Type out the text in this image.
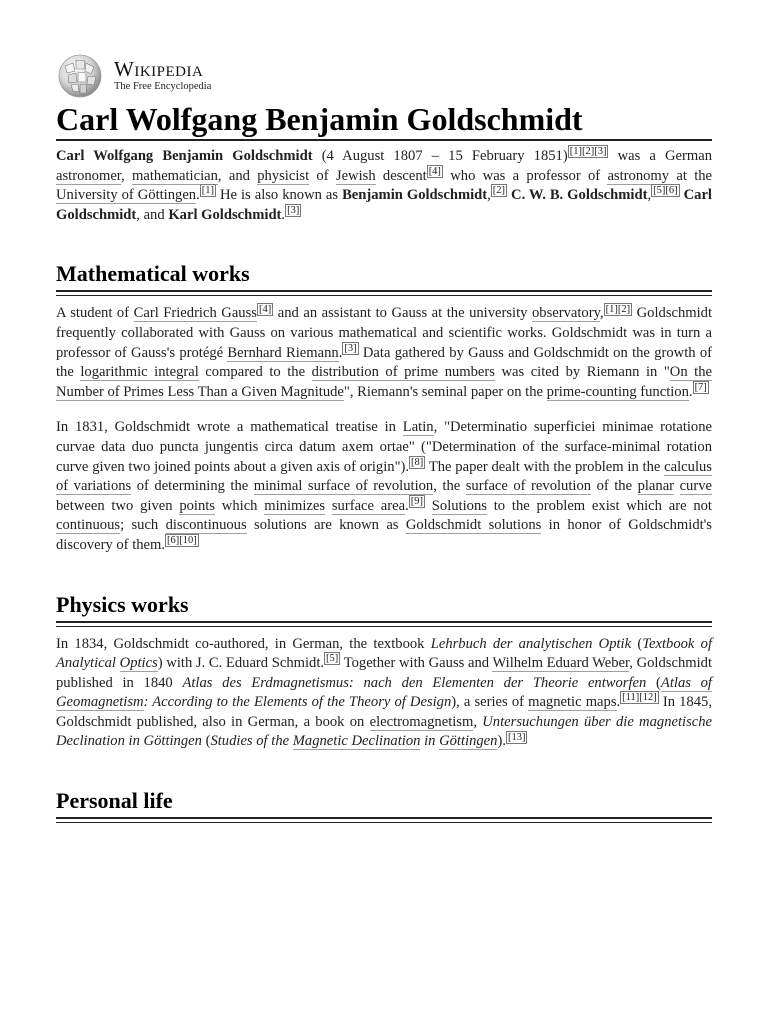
Wikipedia
The Free Encyclopedia
Carl Wolfgang Benjamin Goldschmidt

Carl Wolfgang Benjamin Goldschmidt (4 August 1807 – 15 February 1851) [1][2][3] was a German astronomer, mathematician, and physicist of Jewish descent [4] who was a professor of astronomy at the University of Göttingen. [1] He is also known as Benjamin Goldschmidt, [2] C. W. B. Goldschmidt, [5][6] Carl Goldschmidt, and Karl Goldschmidt. [3]

Mathematical works

A student of Carl Friedrich Gauss [4] and an assistant to Gauss at the university observatory, [1][2] Goldschmidt frequently collaborated with Gauss on various mathematical and scientific works. Goldschmidt was in turn a professor of Gauss's protégé Bernhard Riemann. [3] Data gathered by Gauss and Goldschmidt on the growth of the logarithmic integral compared to the distribution of prime numbers was cited by Riemann in "On the Number of Primes Less Than a Given Magnitude", Riemann's seminal paper on the prime-counting function. [7]

In 1831, Goldschmidt wrote a mathematical treatise in Latin, "Determinatio superficiei minimae rotatione curvae data duo puncta jungentis circa datum axem ortae" ("Determination of the surface-minimal rotation curve given two joined points about a given axis of origin"). [8] The paper dealt with the problem in the calculus of variations of determining the minimal surface of revolution, the surface of revolution of the planar curve between two given points which minimizes surface area. [9] Solutions to the problem exist which are not continuous; such discontinuous solutions are known as Goldschmidt solutions in honor of Goldschmidt's discovery of them. [6][10]

Physics works

In 1834, Goldschmidt co-authored, in German, the textbook Lehrbuch der analytischen Optik (Textbook of Analytical Optics) with J. C. Eduard Schmidt. [5] Together with Gauss and Wilhelm Eduard Weber, Goldschmidt published in 1840 Atlas des Erdmagnetismus: nach den Elementen der Theorie entworfen (Atlas of Geomagnetism: According to the Elements of the Theory of Design), a series of magnetic maps. [11][12] In 1845, Goldschmidt published, also in German, a book on electromagnetism, Untersuchungen über die magnetische Declination in Göttingen (Studies of the Magnetic Declination in Göttingen). [13]

Personal life
